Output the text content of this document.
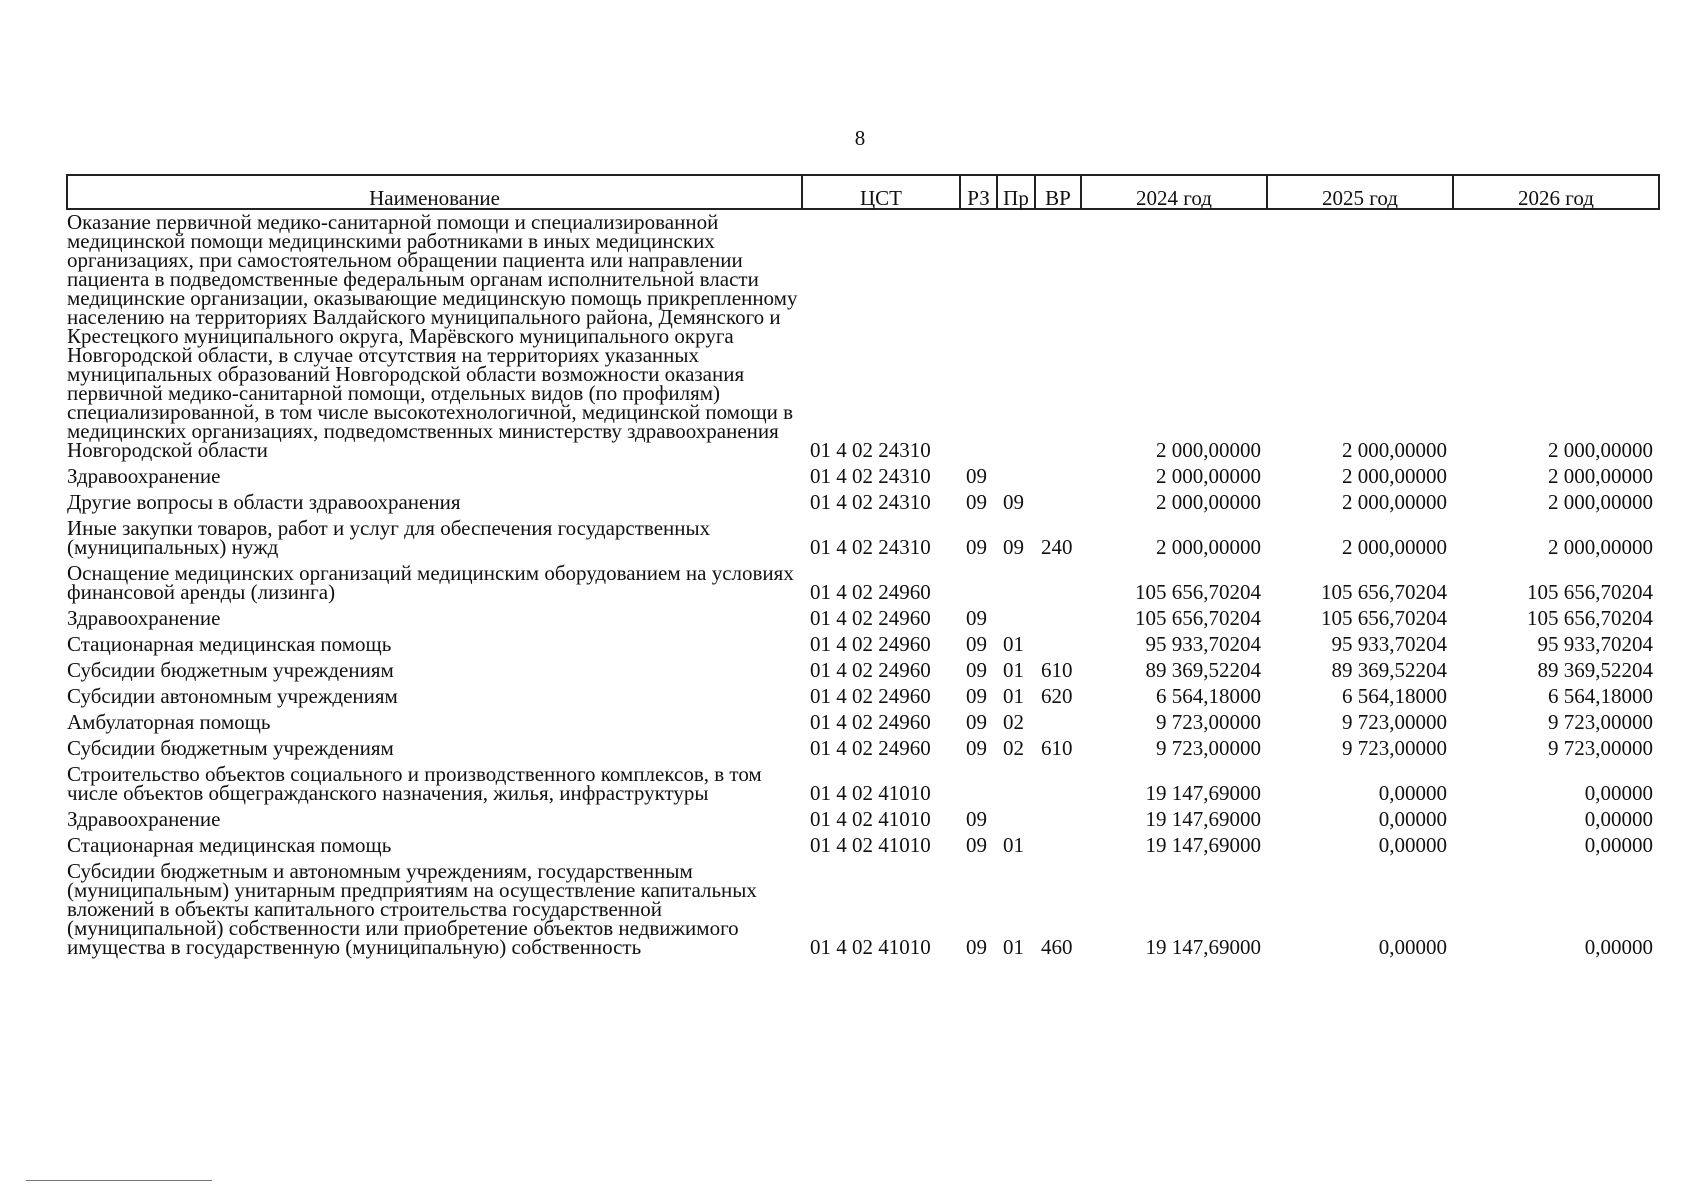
8
Наименование	ЦСТ	РЗ	Пр	ВР	2024 год	2025 год	2026 год
Оказание первичной медико-санитарной помощи и специализированной медицинской помощи медицинскими работниками в иных медицинских организациях, при самостоятельном обращении пациента или направлении пациента в подведомственные федеральным органам исполнительной власти медицинские организации, оказывающие медицинскую помощь прикрепленному населению на территориях Валдайского муниципального района, Демянского и Крестецкого муниципального округа, Марёвского муниципального округа Новгородской области, в случае отсутствия на территориях указанных муниципальных образований Новгородской области возможности оказания первичной медико-санитарной помощи, отдельных видов (по профилям) специализированной, в том числе высокотехнологичной, медицинской помощи в медицинских организациях, подведомственных министерству здравоохранения Новгородской области	01 4 02 24310				2 000,00000	2 000,00000	2 000,00000
Здравоохранение	01 4 02 24310	09			2 000,00000	2 000,00000	2 000,00000
Другие вопросы в области здравоохранения	01 4 02 24310	09	09		2 000,00000	2 000,00000	2 000,00000
Иные закупки товаров, работ и услуг для обеспечения государственных (муниципальных) нужд	01 4 02 24310	09	09	240	2 000,00000	2 000,00000	2 000,00000
Оснащение медицинских организаций медицинским оборудованием на условиях финансовой аренды (лизинга)	01 4 02 24960				105 656,70204	105 656,70204	105 656,70204
Здравоохранение	01 4 02 24960	09			105 656,70204	105 656,70204	105 656,70204
Стационарная медицинская помощь	01 4 02 24960	09	01		95 933,70204	95 933,70204	95 933,70204
Субсидии бюджетным учреждениям	01 4 02 24960	09	01	610	89 369,52204	89 369,52204	89 369,52204
Субсидии автономным учреждениям	01 4 02 24960	09	01	620	6 564,18000	6 564,18000	6 564,18000
Амбулаторная помощь	01 4 02 24960	09	02		9 723,00000	9 723,00000	9 723,00000
Субсидии бюджетным учреждениям	01 4 02 24960	09	02	610	9 723,00000	9 723,00000	9 723,00000
Строительство объектов социального и производственного комплексов, в том числе объектов общегражданского назначения, жилья, инфраструктуры	01 4 02 41010				19 147,69000	0,00000	0,00000
Здравоохранение	01 4 02 41010	09			19 147,69000	0,00000	0,00000
Стационарная медицинская помощь	01 4 02 41010	09	01		19 147,69000	0,00000	0,00000
Субсидии бюджетным и автономным учреждениям, государственным (муниципальным) унитарным предприятиям на осуществление капитальных вложений в объекты капитального строительства государственной (муниципальной) собственности или приобретение объектов недвижимого имущества в государственную (муниципальную) собственность	01 4 02 41010	09	01	460	19 147,69000	0,00000	0,00000
